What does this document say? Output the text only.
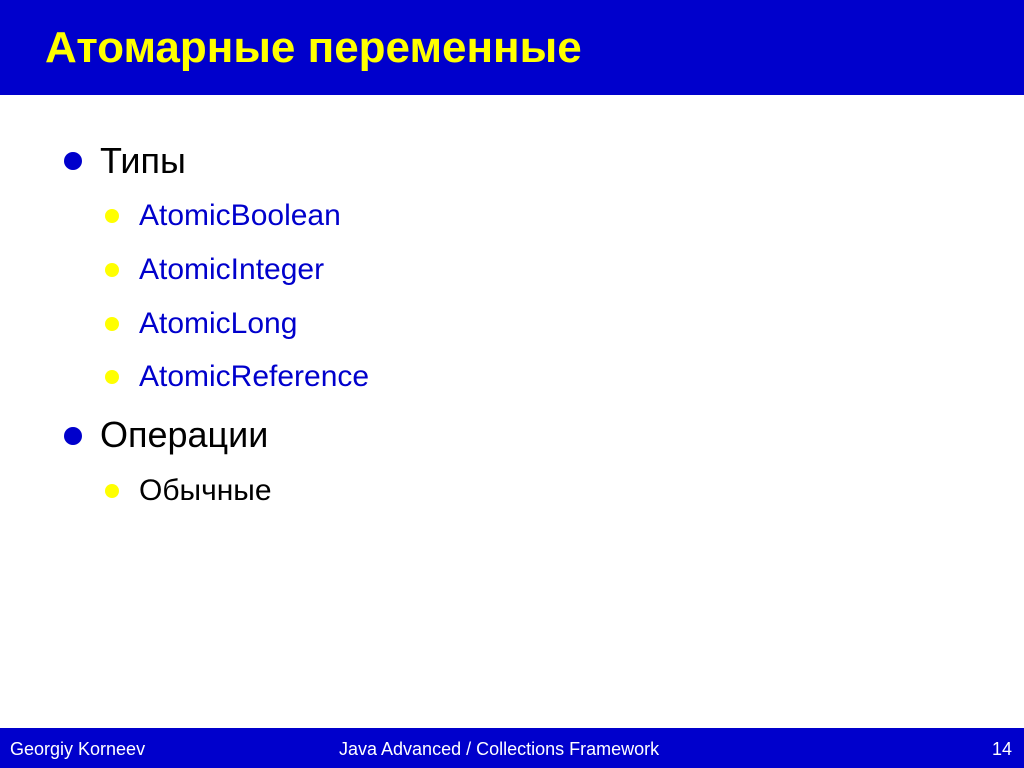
Атомарные переменные
Типы
AtomicBoolean
AtomicInteger
AtomicLong
AtomicReference
Операции
Обычные
Georgiy Korneev	Java Advanced / Collections Framework	14
